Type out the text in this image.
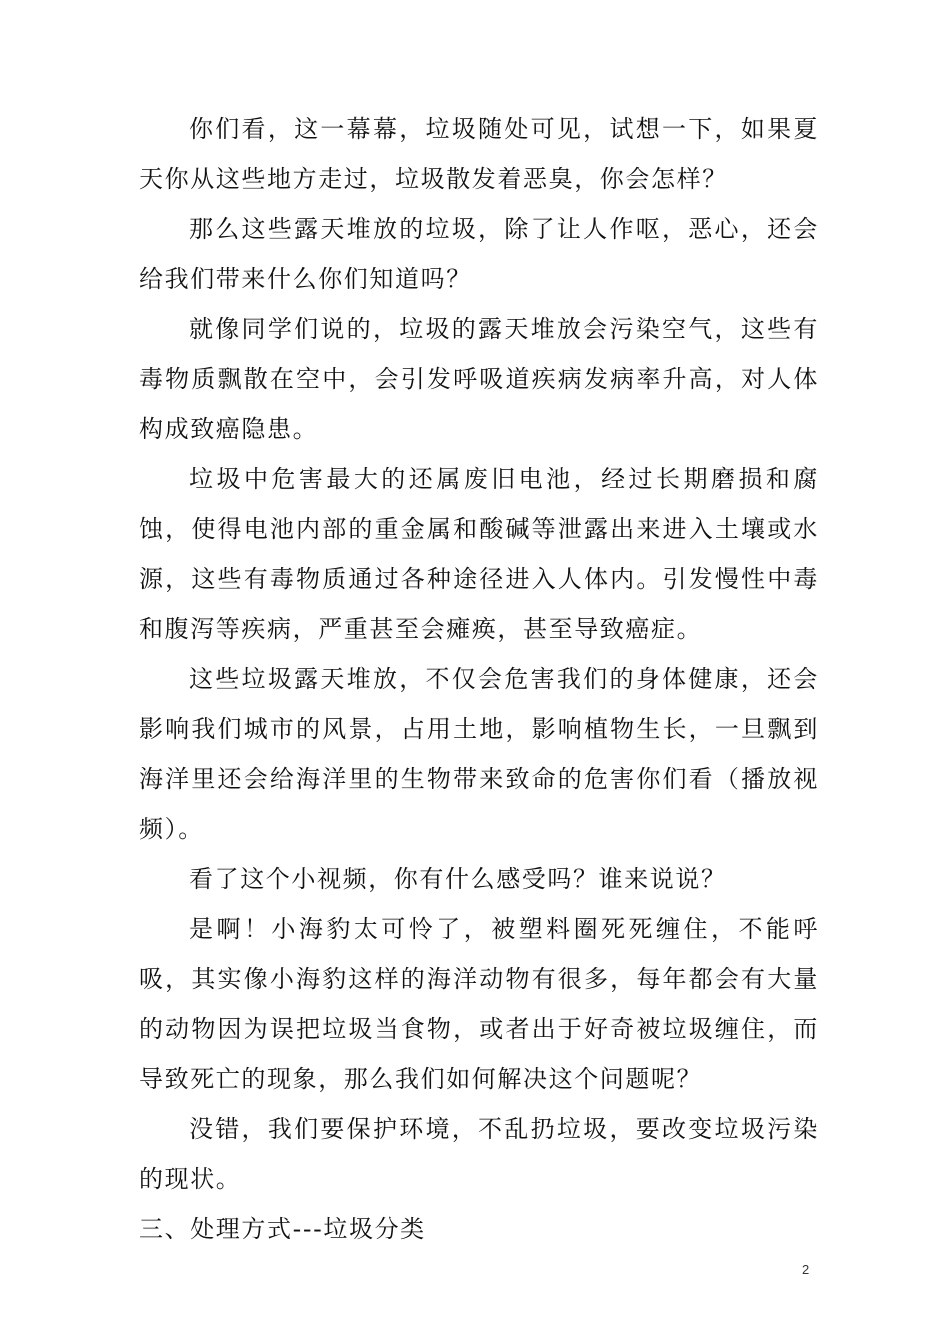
你们看，这一幕幕，垃圾随处可见，试想一下，如果夏天你从这些地方走过，垃圾散发着恶臭，你会怎样？

那么这些露天堆放的垃圾，除了让人作呕，恶心，还会给我们带来什么你们知道吗？

就像同学们说的，垃圾的露天堆放会污染空气，这些有毒物质飘散在空中，会引发呼吸道疾病发病率升高，对人体构成致癌隐患。

垃圾中危害最大的还属废旧电池，经过长期磨损和腐蚀，使得电池内部的重金属和酸碱等泄露出来进入土壤或水源，这些有毒物质通过各种途径进入人体内。引发慢性中毒和腹泻等疾病，严重甚至会瘫痪，甚至导致癌症。

这些垃圾露天堆放，不仅会危害我们的身体健康，还会影响我们城市的风景，占用土地，影响植物生长，一旦飘到海洋里还会给海洋里的生物带来致命的危害你们看（播放视频）。

看了这个小视频，你有什么感受吗？谁来说说？

是啊！小海豹太可怜了，被塑料圈死死缠住，不能呼吸，其实像小海豹这样的海洋动物有很多，每年都会有大量的动物因为误把垃圾当食物，或者出于好奇被垃圾缠住，而导致死亡的现象，那么我们如何解决这个问题呢？

没错，我们要保护环境，不乱扔垃圾，要改变垃圾污染的现状。

三、处理方式---垃圾分类

2
